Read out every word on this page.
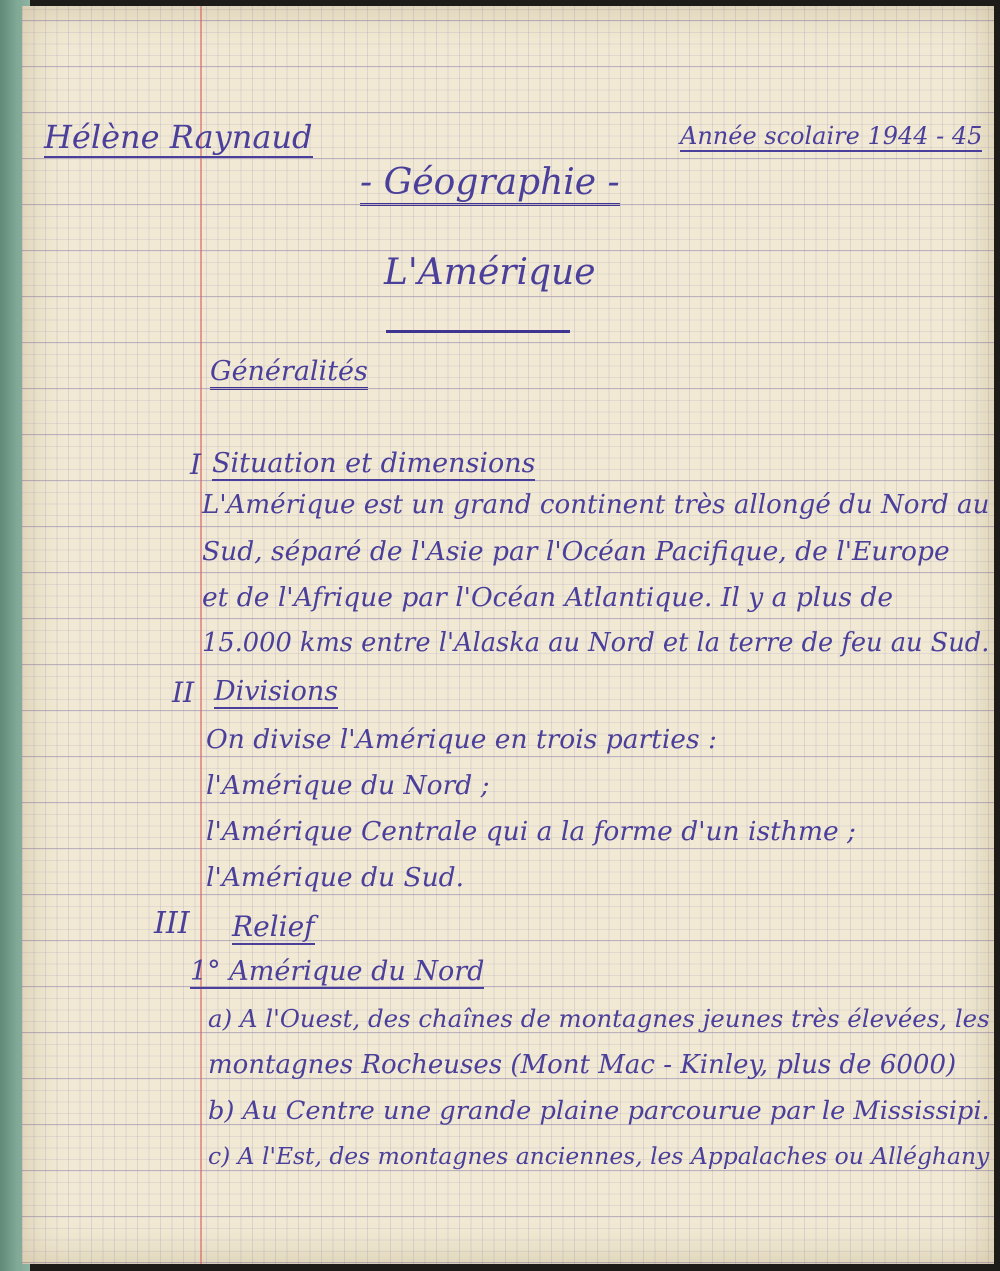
Hélène Raynaud	Année scolaire 1944 - 45
- Géographie -
L'Amérique
Généralités
I Situation et dimensions
L'Amérique est un grand continent très allongé du Nord au
Sud, séparé de l'Asie par l'Océan Pacifique, de l'Europe
et de l'Afrique par l'Océan Atlantique. Il y a plus de
15.000 kms entre l'Alaska au Nord et la terre de feu au Sud.
II Divisions
On divise l'Amérique en trois parties :
l'Amérique du Nord ;
l'Amérique Centrale qui a la forme d'un isthme ;
l'Amérique du Sud.
III Relief
1° Amérique du Nord
a) A l'Ouest, des chaînes de montagnes jeunes très élevées, les
montagnes Rocheuses (Mont Mac - Kinley, plus de 6000)
b) Au Centre une grande plaine parcourue par le Mississipi.
c) A l'Est, des montagnes anciennes, les Appalaches ou Alléghany
